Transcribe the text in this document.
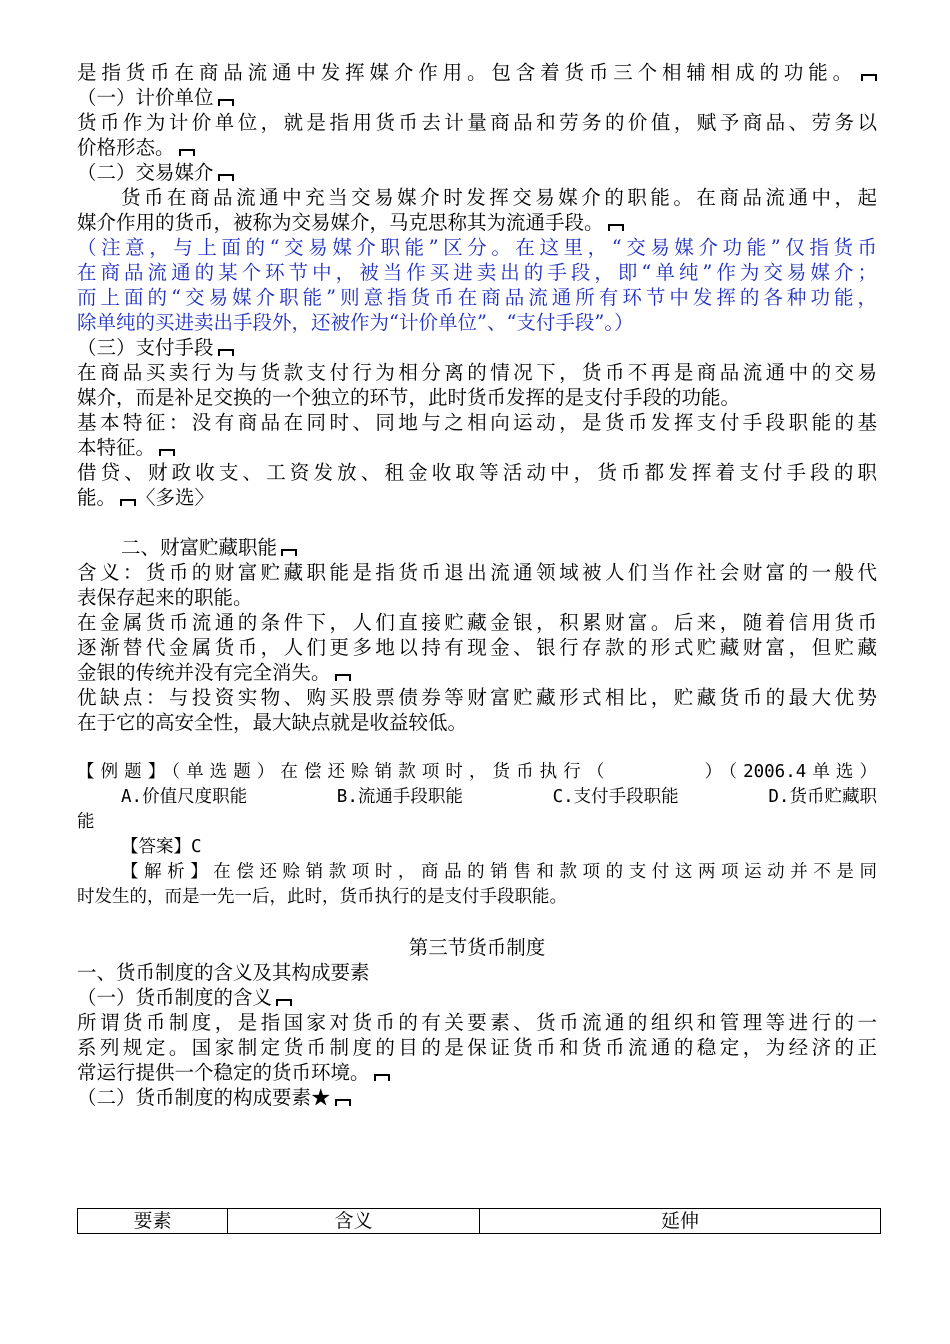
是指货币在商品流通中发挥媒介作用。包含着货币三个相辅相成的功能。
（一）计价单位
货币作为计价单位，就是指用货币去计量商品和劳务的价值，赋予商品、劳务以
价格形态。
（二）交易媒介
货币在商品流通中充当交易媒介时发挥交易媒介的职能。在商品流通中，起
媒介作用的货币，被称为交易媒介，马克思称其为流通手段。
（注意，与上面的“交易媒介职能”区分。在这里，“交易媒介功能”仅指货币
在商品流通的某个环节中，被当作买进卖出的手段，即“单纯”作为交易媒介；
而上面的“交易媒介职能”则意指货币在商品流通所有环节中发挥的各种功能，
除单纯的买进卖出手段外，还被作为“计价单位”、“支付手段”。）
（三）支付手段
在商品买卖行为与货款支付行为相分离的情况下，货币不再是商品流通中的交易
媒介，而是补足交换的一个独立的环节，此时货币发挥的是支付手段的功能。
基本特征：没有商品在同时、同地与之相向运动，是货币发挥支付手段职能的基
本特征。
借贷、财政收支、工资发放、租金收取等活动中，货币都发挥着支付手段的职
能。 〈多选〉
二、财富贮藏职能
含义：货币的财富贮藏职能是指货币退出流通领域被人们当作社会财富的一般代
表保存起来的职能。
在金属货币流通的条件下，人们直接贮藏金银，积累财富。后来，随着信用货币
逐渐替代金属货币，人们更多地以持有现金、银行存款的形式贮藏财富，但贮藏
金银的传统并没有完全消失。
优缺点：与投资实物、购买股票债券等财富贮藏形式相比，贮藏货币的最大优势
在于它的高安全性，最大缺点就是收益较低。
【例题】（单选题）在偿还赊销款项时，货币执行（　　　　）（2006.4单选）
A.价值尺度职能	B.流通手段职能	C.支付手段职能	D.货币贮藏职
能
【答案】C
【解析】在偿还赊销款项时，商品的销售和款项的支付这两项运动并不是同
时发生的，而是一先一后，此时，货币执行的是支付手段职能。
第三节货币制度
一、货币制度的含义及其构成要素
（一）货币制度的含义
所谓货币制度，是指国家对货币的有关要素、货币流通的组织和管理等进行的一
系列规定。国家制定货币制度的目的是保证货币和货币流通的稳定，为经济的正
常运行提供一个稳定的货币环境。
（二）货币制度的构成要素★
要素	含义	延伸
